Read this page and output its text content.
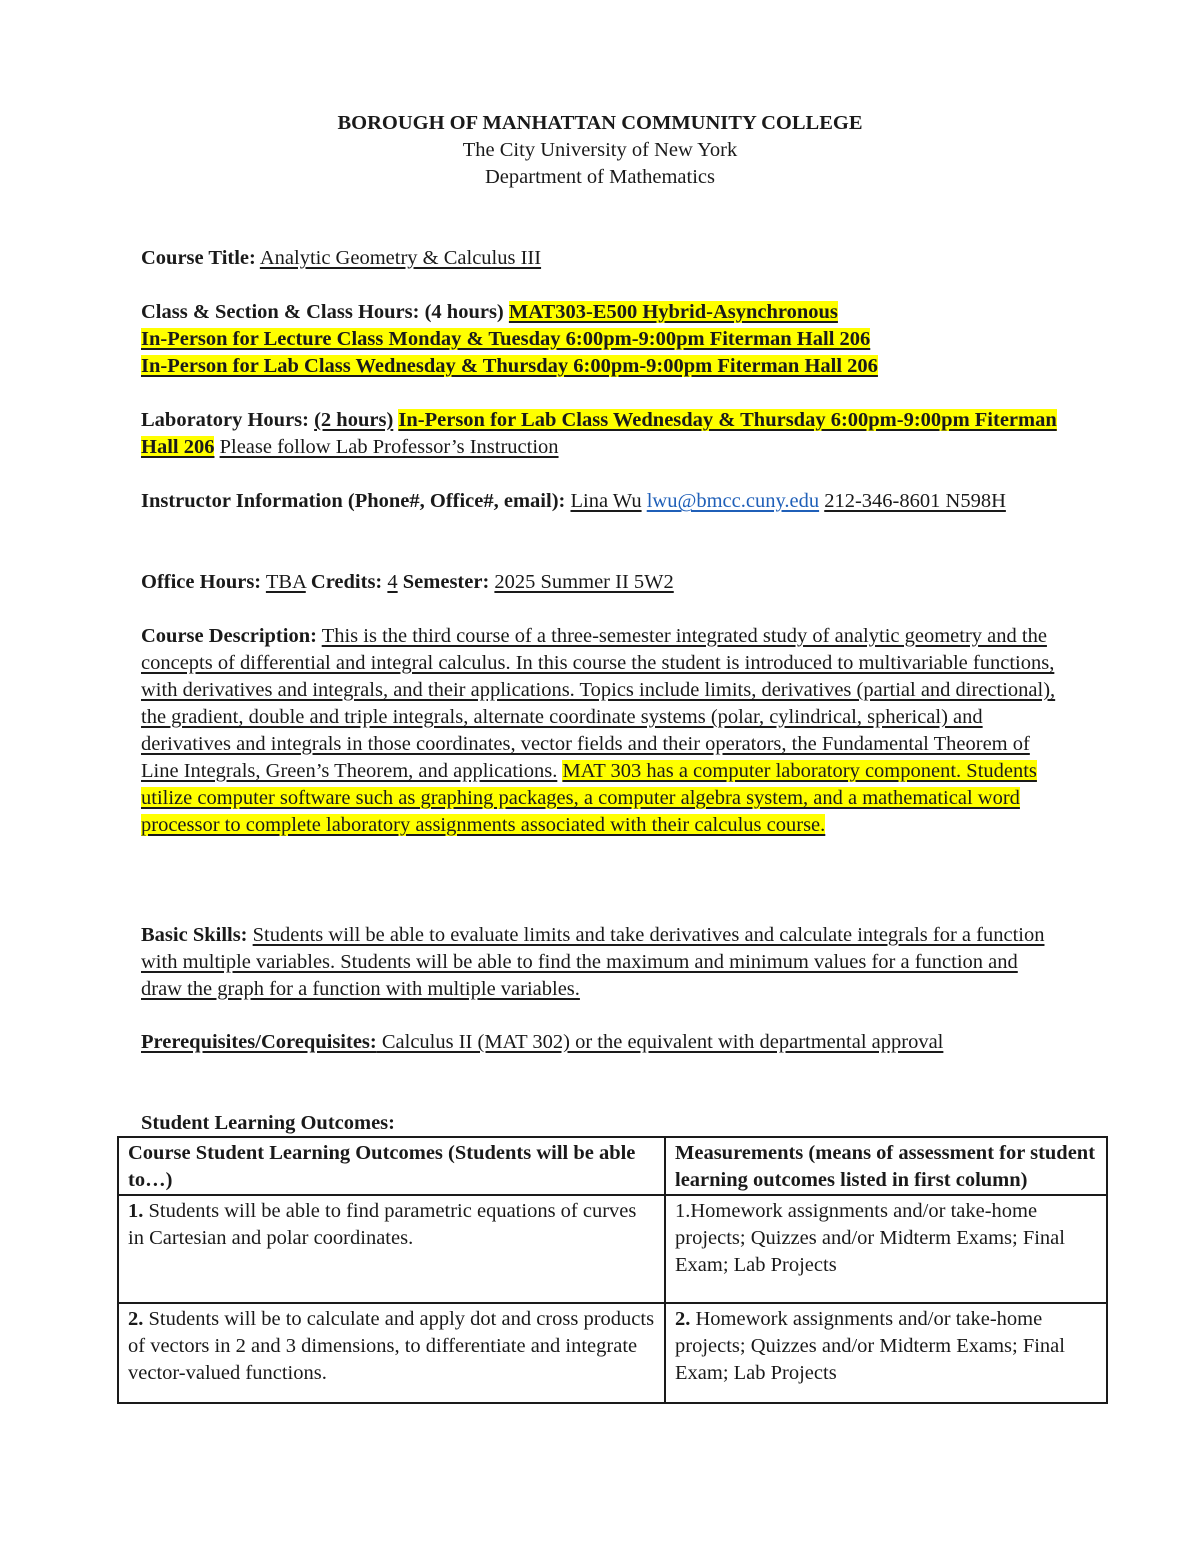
BOROUGH OF MANHATTAN COMMUNITY COLLEGE
The City University of New York
Department of Mathematics
Course Title: Analytic Geometry & Calculus III
Class & Section & Class Hours: (4 hours) MAT303-E500 Hybrid-Asynchronous
In-Person for Lecture Class Monday & Tuesday 6:00pm-9:00pm Fiterman Hall 206
In-Person for Lab Class Wednesday & Thursday 6:00pm-9:00pm Fiterman Hall 206
Laboratory Hours: (2 hours) In-Person for Lab Class Wednesday & Thursday 6:00pm-9:00pm Fiterman Hall 206 Please follow Lab Professor’s Instruction
Instructor Information (Phone#, Office#, email): Lina Wu lwu@bmcc.cuny.edu 212-346-8601 N598H
Office Hours: TBA Credits: 4 Semester: 2025 Summer II 5W2
Course Description: This is the third course of a three-semester integrated study of analytic geometry and the concepts of differential and integral calculus. In this course the student is introduced to multivariable functions, with derivatives and integrals, and their applications. Topics include limits, derivatives (partial and directional), the gradient, double and triple integrals, alternate coordinate systems (polar, cylindrical, spherical) and derivatives and integrals in those coordinates, vector fields and their operators, the Fundamental Theorem of Line Integrals, Green’s Theorem, and applications. MAT 303 has a computer laboratory component. Students utilize computer software such as graphing packages, a computer algebra system, and a mathematical word processor to complete laboratory assignments associated with their calculus course.
Basic Skills: Students will be able to evaluate limits and take derivatives and calculate integrals for a function with multiple variables. Students will be able to find the maximum and minimum values for a function and draw the graph for a function with multiple variables.
Prerequisites/Corequisites: Calculus II (MAT 302) or the equivalent with departmental approval
Student Learning Outcomes:
Course Student Learning Outcomes (Students will be able to…)	Measurements (means of assessment for student learning outcomes listed in first column)
1. Students will be able to find parametric equations of curves in Cartesian and polar coordinates.	1.Homework assignments and/or take-home projects; Quizzes and/or Midterm Exams; Final Exam; Lab Projects
2. Students will be to calculate and apply dot and cross products of vectors in 2 and 3 dimensions, to differentiate and integrate vector-valued functions.	2. Homework assignments and/or take-home projects; Quizzes and/or Midterm Exams; Final Exam; Lab Projects
